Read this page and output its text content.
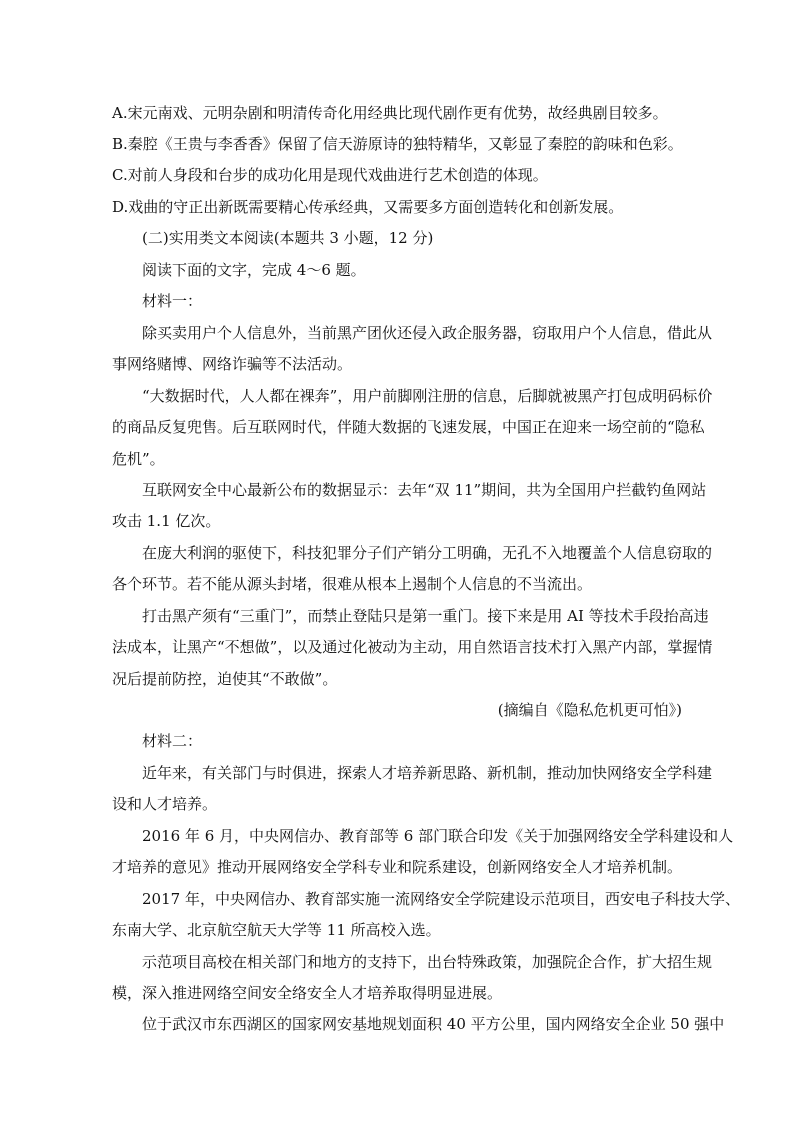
A.宋元南戏、元明杂剧和明清传奇化用经典比现代剧作更有优势，故经典剧目较多。
B.秦腔《王贵与李香香》保留了信天游原诗的独特精华，又彰显了秦腔的韵味和色彩。
C.对前人身段和台步的成功化用是现代戏曲进行艺术创造的体现。
D.戏曲的守正出新既需要精心传承经典，又需要多方面创造转化和创新发展。
(二)实用类文本阅读(本题共 3 小题，12 分)
阅读下面的文字，完成 4～6 题。
材料一：
除买卖用户个人信息外，当前黑产团伙还侵入政企服务器，窃取用户个人信息，借此从
事网络赌博、网络诈骗等不法活动。
“大数据时代，人人都在裸奔”，用户前脚刚注册的信息，后脚就被黑产打包成明码标价
的商品反复兜售。后互联网时代，伴随大数据的飞速发展，中国正在迎来一场空前的“隐私
危机”。
互联网安全中心最新公布的数据显示：去年“双 11”期间，共为全国用户拦截钓鱼网站
攻击 1.1 亿次。
在庞大利润的驱使下，科技犯罪分子们产销分工明确，无孔不入地覆盖个人信息窃取的
各个环节。若不能从源头封堵，很难从根本上遏制个人信息的不当流出。
打击黑产须有“三重门”，而禁止登陆只是第一重门。接下来是用 AI 等技术手段抬高违
法成本，让黑产“不想做”，以及通过化被动为主动，用自然语言技术打入黑产内部，掌握情
况后提前防控，迫使其“不敢做”。
(摘编自《隐私危机更可怕》)
材料二：
近年来，有关部门与时俱进，探索人才培养新思路、新机制，推动加快网络安全学科建
设和人才培养。
2016 年 6 月，中央网信办、教育部等 6 部门联合印发《关于加强网络安全学科建设和人
才培养的意见》推动开展网络安全学科专业和院系建设，创新网络安全人才培养机制。
2017 年，中央网信办、教育部实施一流网络安全学院建设示范项目，西安电子科技大学、
东南大学、北京航空航天大学等 11 所高校入选。
示范项目高校在相关部门和地方的支持下，出台特殊政策，加强院企合作，扩大招生规
模，深入推进网络空间安全络安全人才培养取得明显进展。
位于武汉市东西湖区的国家网安基地规划面积 40 平方公里，国内网络安全企业 50 强中
